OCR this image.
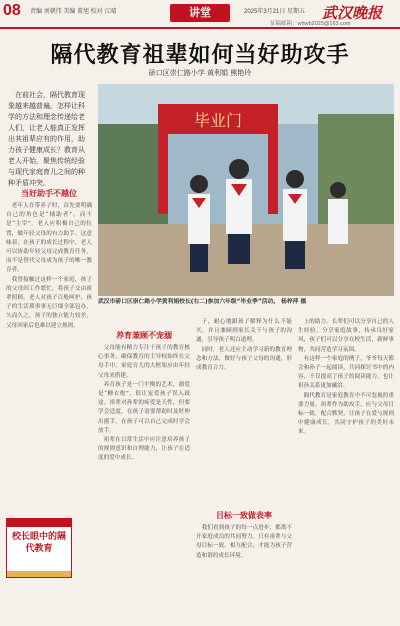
08 责编 刘朝伟 美编 董旭 校对 江晴	讲堂	2025年3月21日 星期五 武汉晚报
征稿邮箱：whwb2025@163.com
隔代教育祖辈如何当好助攻手
硚口区崇仁路小学 黄利娟 熊艳玲
在前社会，隔代教育现象越来越普遍。怎样让科学的方法和理念传递给老人们，让老人能真正发挥出其祖辈应有的作用，助力孩子健康成长？教育从老人开始，聚焦传统经验与现代家庭育儿之间的种种矛盾冲突。
当好助手不越位

老年人在带养子时，首先要明确自己的角色是“辅助者”，而不是“主宰”。老人应积极自己的位置，做年轻父母的有力助手。这意味着，在孩子的成长过程中，老人可以协助年轻父母完成教育任务，而不是替代父母成为孩子的唯一教育者。

我曾接触过这样一个家庭，孩子的父母因工作繁忙，将孩子交由祖辈照顾。老人对孩子百般呵护，孩子的生活琐事事无巨细全部包办，久而久之，孩子的独立能力较差，父母回家后也难以建立规则。

毕业门
武汉市硚口区崇仁路小学黄利娟校长(右二)参加六年级“毕业季”活动。 杨梓萍 摄
养育兼顾不宠溺

父母能有精力专注于孩子的教育核心事务，确保教育的主导权始终在父母手中。家庭育儿的大框架应由年轻父母来搭建。

养育孩子是一门平衡的艺术，溺爱是“糖衣炮”，很让宠爱孩子误入歧途。祖辈对孙辈的疼爱是天性，但要学会适度，在孩子需要帮助时及时伸出援手，在孩子可以自己完成时学会放手。

祖辈在日常生活中应注意培养孩子的规则意识和自理能力，让孩子在适度的爱中成长。

目标一致做表率

子，耐心地跟孩子解释为什么不能买，并且兼顾到家长关于与孩子的沟通，引导孩子明白道理。

同时，老人还应主动学习新的教育理念和方法，做好与孩子父母的沟通，形成教育合力。

我们看到孩子的每一点进步，都离不开家庭成员的共同努力。只有祖辈与父母目标一致、相互配合，才能为孩子营造和谐的成长环境。

上的助力。长辈们可以分享自己的人生经验，分享家庭故事，传承良好家风，孩子们可以分享在校生活，新鲜事物，共同营造学习氛围。

有这样一个家庭的例子，爷爷每天都会和孙子一起阅读，共同探讨书中的内容，不仅提高了孩子的阅读能力，也让祖孙关系更加融洽。

隔代教育是家庭教育中不可忽视的重要力量。祖辈作为助攻手，应与父母目标一致，配合默契，让孩子在爱与规则中健康成长，共同守护孩子的美好未来。

校长眼中的隔代教育
